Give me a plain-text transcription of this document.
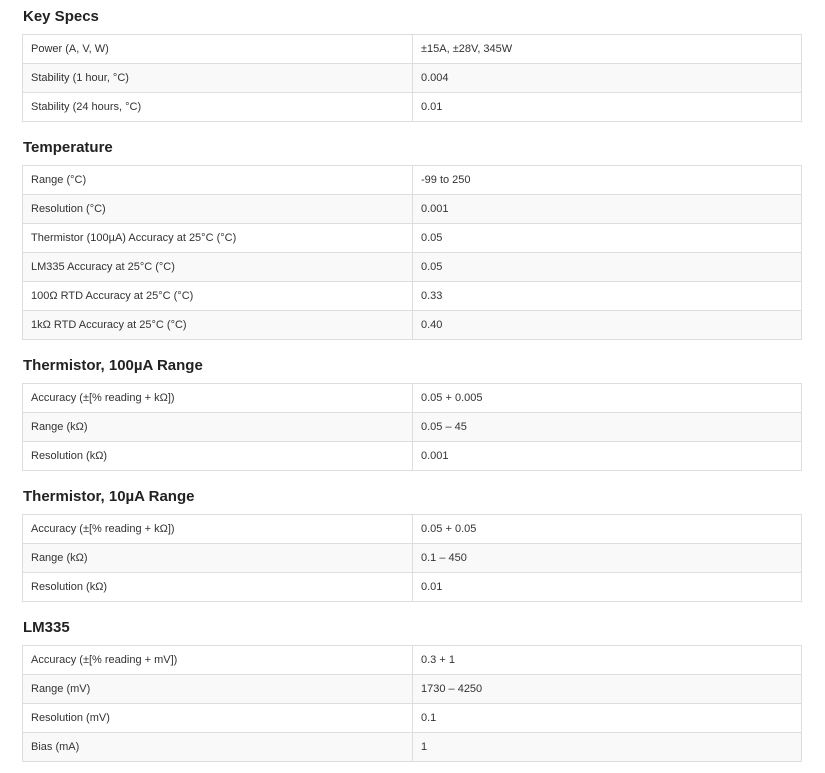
Key Specs
Power (A, V, W)	±15A, ±28V, 345W
Stability (1 hour, °C)	0.004
Stability (24 hours, °C)	0.01
Temperature
Range (°C)	-99 to 250
Resolution (°C)	0.001
Thermistor (100µA) Accuracy at 25°C (°C)	0.05
LM335 Accuracy at 25°C (°C)	0.05
100Ω RTD Accuracy at 25°C (°C)	0.33
1kΩ RTD Accuracy at 25°C (°C)	0.40
Thermistor, 100µA Range
Accuracy (±[% reading + kΩ])	0.05 + 0.005
Range (kΩ)	0.05 – 45
Resolution (kΩ)	0.001
Thermistor, 10µA Range
Accuracy (±[% reading + kΩ])	0.05 + 0.05
Range (kΩ)	0.1 – 450
Resolution (kΩ)	0.01
LM335
Accuracy (±[% reading + mV])	0.3 + 1
Range (mV)	1730 – 4250
Resolution (mV)	0.1
Bias (mA)	1
